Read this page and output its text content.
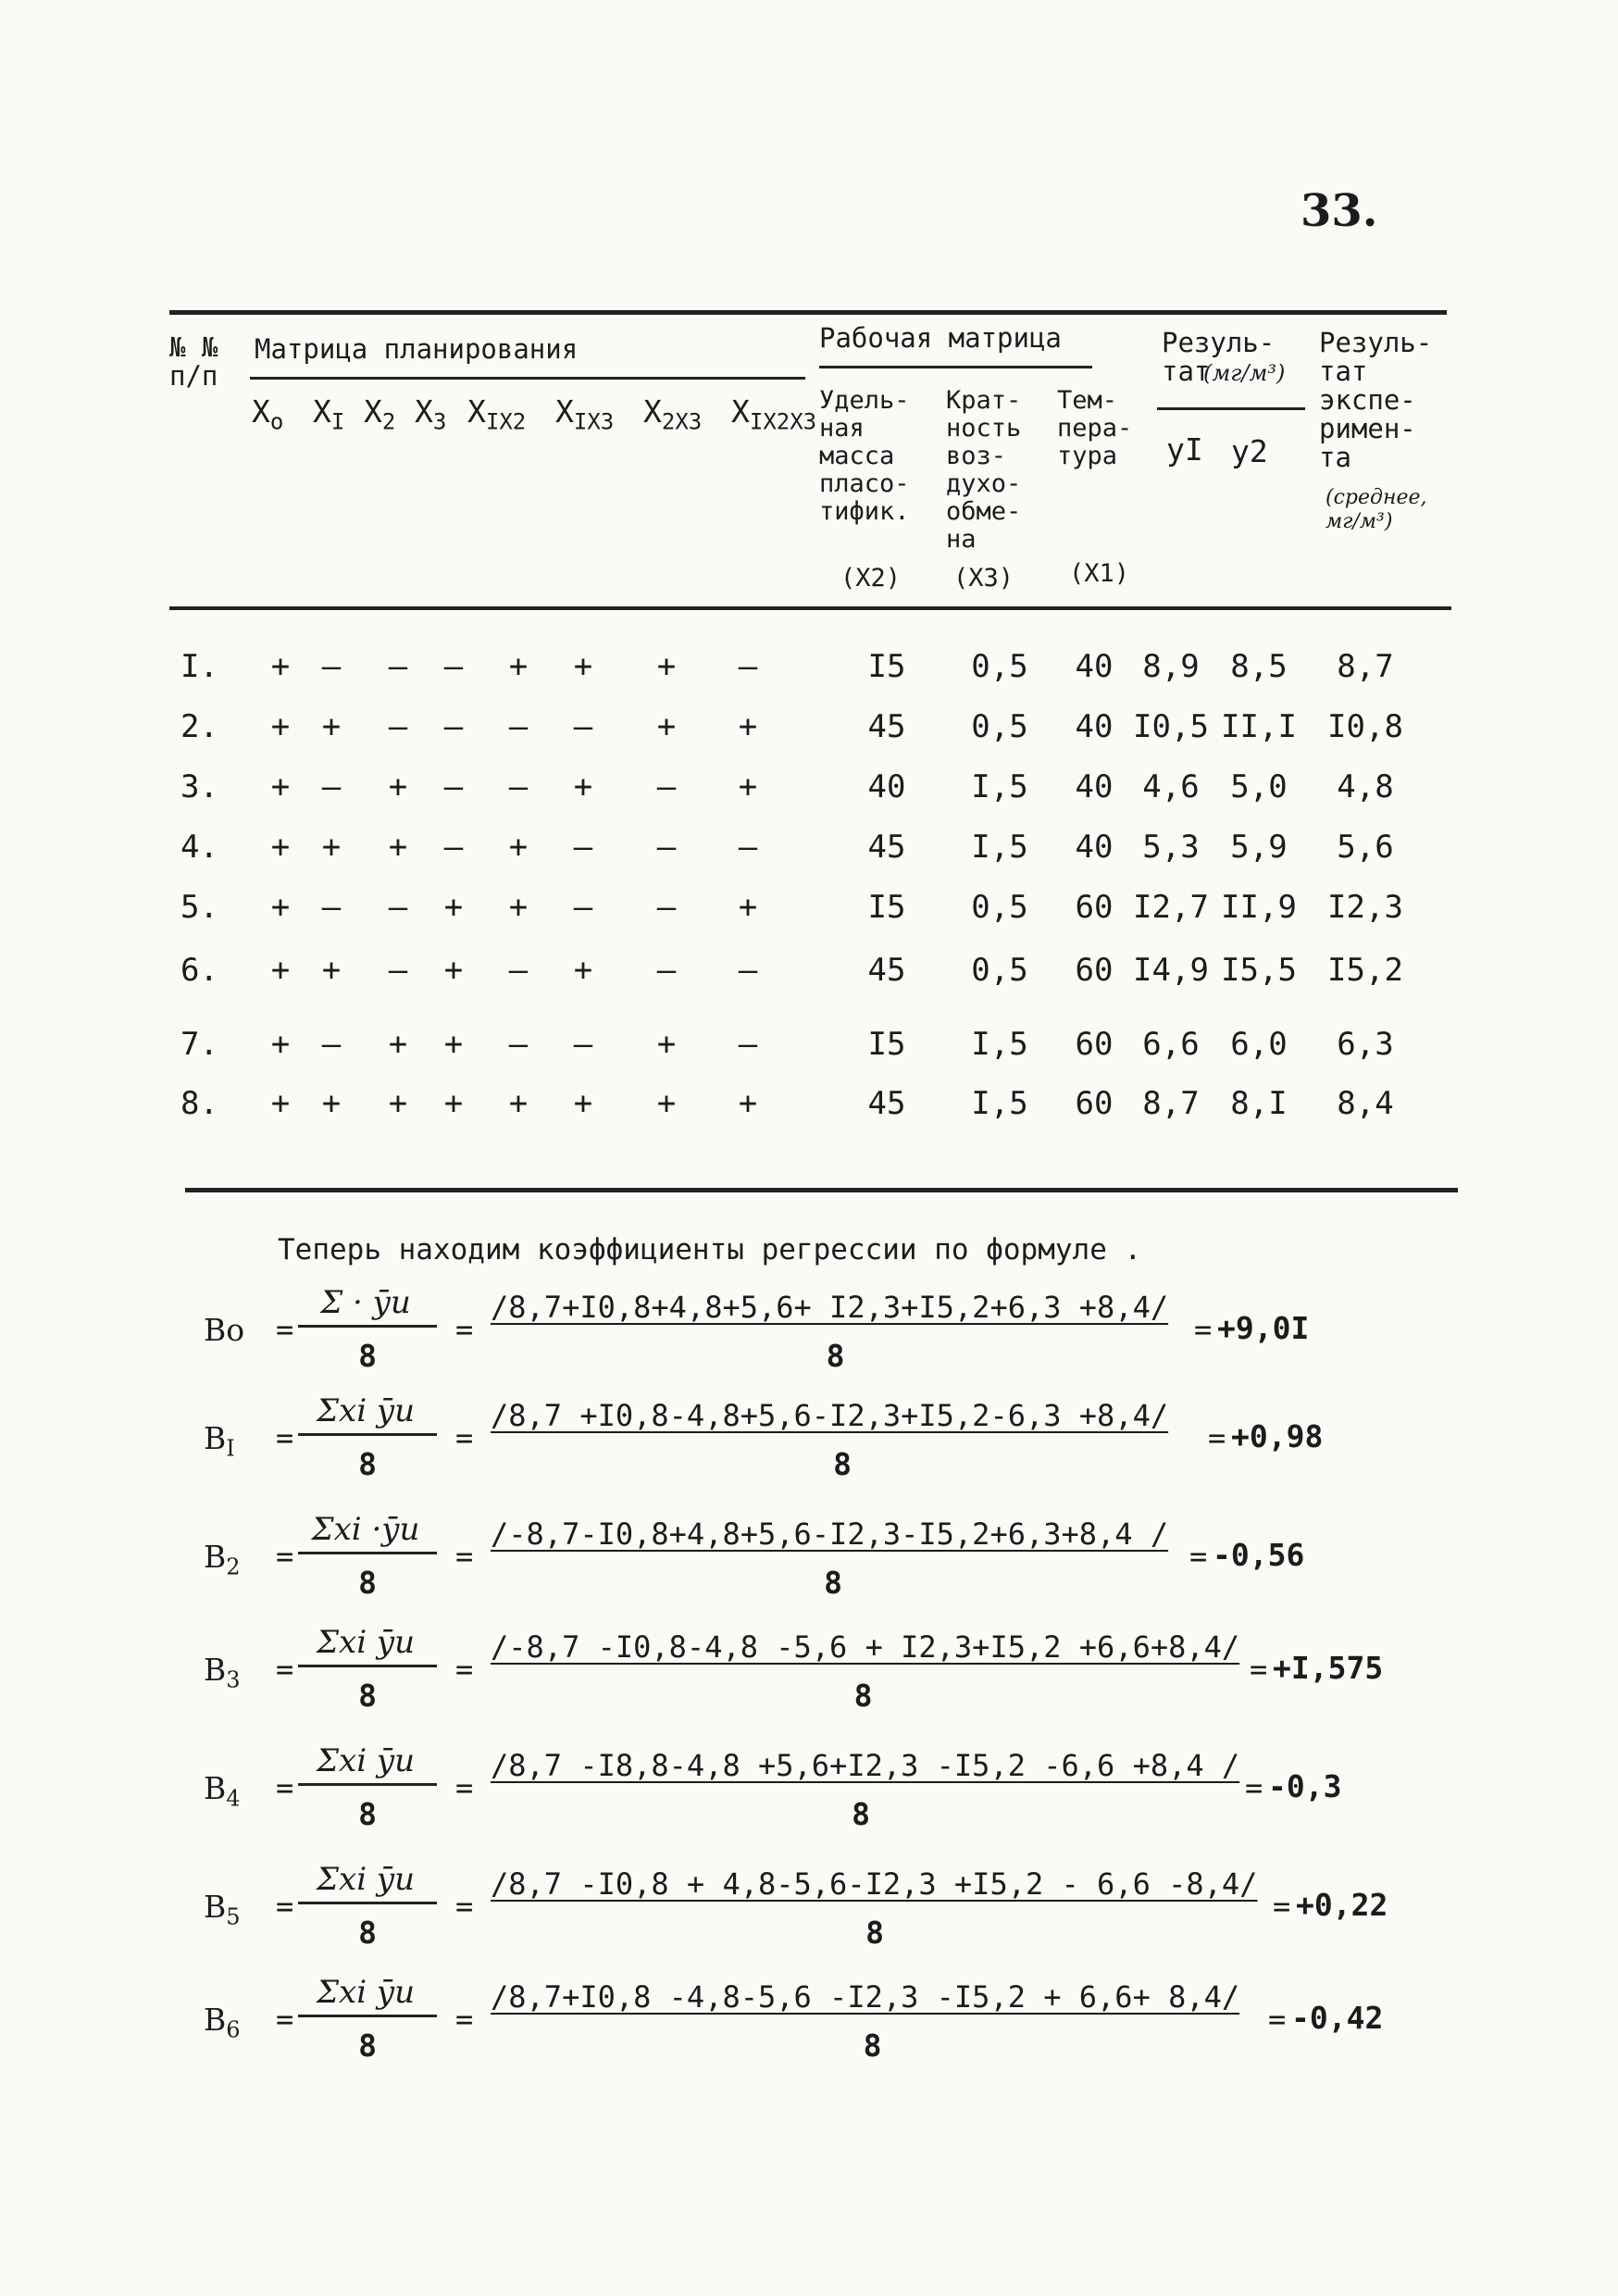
33.
№ № п/п
Матрица планирования
$X_o$ $X_I$ $X_2$ $X_3$ $X_{IX2}$ $X_{IX3}$ $X_{2X3}$ $X_{IX2X3}$
Рабочая матрица
Удель-
ная
масса
пласо-
тифик.
(X2)
Крат-
ность
воз-
духо-
обме-
на
(X3)
Тем-
пера-
тура
(X1)
Резуль-
тат
(мг/м³)
yI y2
Резуль-
тат
экспе-
римен-
та
(среднее,
мг/м³)
I.	+	–	–	–	+	+	+	–	I5	0,5	40 8,9 8,5	8,7
2.	+	+	–	–	–	–	+	+	45	0,5	40 I0,5 II,I I0,8
3.	+	–	+	–	–	+	–	+	40	I,5	40 4,6 5,0	4,8
4.	+	+	+	–	+	–	–	–	45	I,5	40 5,3 5,9	5,6
5.	+	–	–	+	+	–	–	+	I5	0,5	60 I2,7 II,9 I2,3
6.	+	+	–	+	–	+	–	–	45	0,5	60 I4,9 I5,5 I5,2
7.	+	–	+	+	–	–	+	–	I5	I,5	60 6,6 6,0	6,3
8.	+	+	+	+	+	+	+	+	45	I,5	60 8,7 8,I	8,4
Теперь находим коэффициенты регрессии по формуле .
Bo =
Σ · ȳи
8
=
/8,7+I0,8+4,8+5,6+ I2,3+I5,2+6,3 +8,4/
8
= +9,0I
$B_I$ =
Σxi ȳи
8
=
/8,7 +I0,8-4,8+5,6-I2,3+I5,2-6,3 +8,4/
8
= +0,98
$B_2$ =
Σxi ·ȳи
8
=
/-8,7-I0,8+4,8+5,6-I2,3-I5,2+6,3+8,4 /
8
= -0,56
$B_3$ =
Σxi ȳи
8
=
/-8,7 -I0,8-4,8 -5,6 + I2,3+I5,2 +6,6+8,4/
8
= +I,575
$B_4$ =
Σxi ȳи
8
=
/8,7 -I8,8-4,8 +5,6+I2,3 -I5,2 -6,6 +8,4 /
8
= -0,3
$B_5$ =
Σxi ȳи
8
=
/8,7 -I0,8 + 4,8-5,6-I2,3 +I5,2 - 6,6 -8,4/
8
= +0,22
$B_6$ =
Σxi ȳи
8
=
/8,7+I0,8 -4,8-5,6 -I2,3 -I5,2 + 6,6+ 8,4/
8
= -0,42
